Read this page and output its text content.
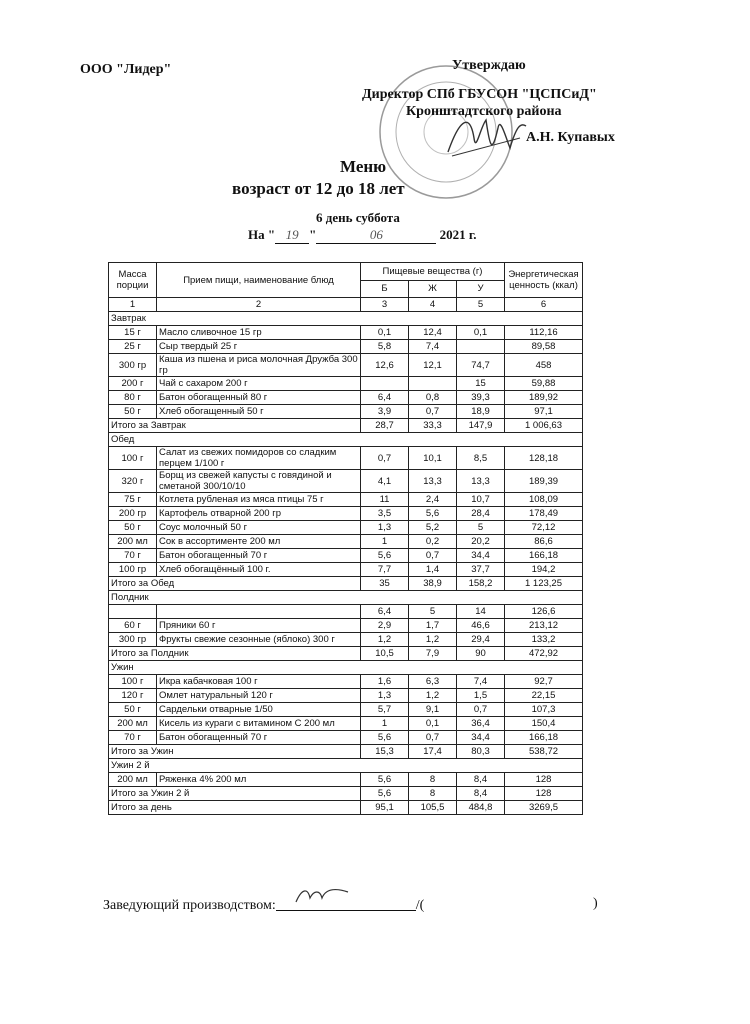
ООО "Лидер"	Утверждаю
Директор СПб ГБУСОН "ЦСПСиД"
Кронштадтского района
А.Н. Купавых
Меню
возраст от 12 до 18 лет
6 день суббота
На " 19 "	06	2021 г.
Масса порции	Прием пищи, наименование блюд	Пищевые вещества (г)			Энергетическая ценность (ккал)
		Б	Ж	У	
1	2	3	4	5	6
Завтрак					
15 г	Масло сливочное 15 гр	0,1	12,4	0,1	112,16
25 г	Сыр твердый 25 г	5,8	7,4		89,58
300 гр	Каша из пшена и риса молочная Дружба 300 гр	12,6	12,1	74,7	458
200 г	Чай с сахаром 200 г			15	59,88
80 г	Батон обогащенный 80 г	6,4	0,8	39,3	189,92
50 г	Хлеб обогащенный 50 г	3,9	0,7	18,9	97,1
Итого за Завтрак		28,7	33,3	147,9	1 006,63
Обед					
100 г	Салат из свежих помидоров со сладким перцем 1/100 г	0,7	10,1	8,5	128,18
320 г	Борщ из свежей капусты с говядиной и сметаной 300/10/10	4,1	13,3	13,3	189,39
75 г	Котлета рубленая из мяса птицы 75 г	11	2,4	10,7	108,09
200 гр	Картофель отварной 200 гр	3,5	5,6	28,4	178,49
50 г	Соус молочный 50 г	1,3	5,2	5	72,12
200 мл	Сок в ассортименте 200 мл	1	0,2	20,2	86,6
70 г	Батон обогащенный 70 г	5,6	0,7	34,4	166,18
100 гр	Хлеб обогащённый 100 г.	7,7	1,4	37,7	194,2
Итого за Обед		35	38,9	158,2	1 123,25
Полдник					
		6,4	5	14	126,6
60 г	Пряники 60 г	2,9	1,7	46,6	213,12
300 гр	Фрукты свежие сезонные (яблоко) 300 г	1,2	1,2	29,4	133,2
Итого за Полдник		10,5	7,9	90	472,92
Ужин					
100 г	Икра кабачковая 100 г	1,6	6,3	7,4	92,7
120 г	Омлет натуральный 120 г	1,3	1,2	1,5	22,15
50 г	Сардельки отварные 1/50	5,7	9,1	0,7	107,3
200 мл	Кисель из кураги с витамином С 200 мл	1	0,1	36,4	150,4
70 г	Батон обогащенный 70 г	5,6	0,7	34,4	166,18
Итого за Ужин		15,3	17,4	80,3	538,72
Ужин 2 й					
200 мл	Ряженка 4% 200 мл	5,6	8	8,4	128
Итого за Ужин 2 й		5,6	8	8,4	128
Итого за день		95,1	105,5	484,8	3269,5
Заведующий производством:	/(	)
